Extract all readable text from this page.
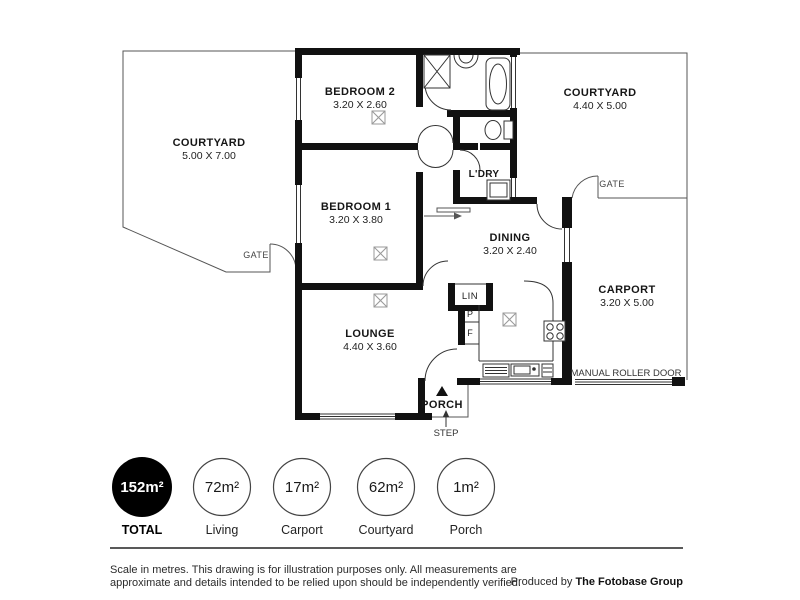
BEDROOM 2
3.20 X 2.60
BEDROOM 1
3.20 X 3.80
LOUNGE
4.40 X 3.60
DINING
3.20 X 2.40
CARPORT
3.20 X 5.00
COURTYARD
5.00 X 7.00
COURTYARD
4.40 X 5.00
L'DRY
LIN
P
F
GATE
GATE
MANUAL ROLLER DOOR
PORCH
STEP
152m²
TOTAL
72m²
Living
17m²
Carport
62m²
Courtyard
1m²
Porch
Scale in metres. This drawing is for illustration purposes only. All measurements are
approximate and details intended to be relied upon should be independently verified.
Produced by The Fotobase Group
